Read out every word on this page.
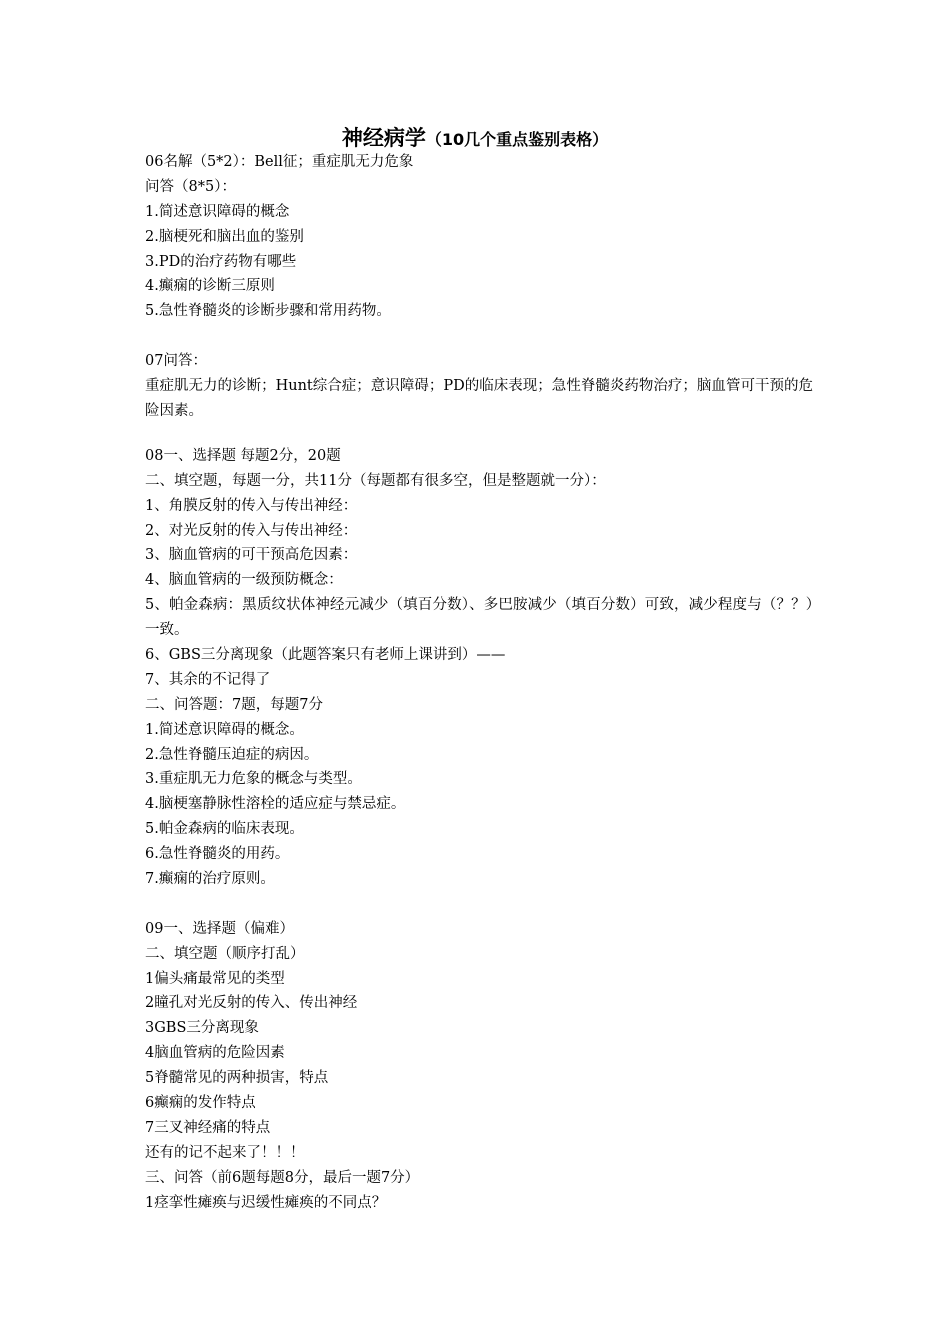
神经病学（10几个重点鉴别表格）
06名解（5*2）：Bell征；重症肌无力危象
问答（8*5）：
1.简述意识障碍的概念
2.脑梗死和脑出血的鉴别
3.PD的治疗药物有哪些
4.癫痫的诊断三原则
5.急性脊髓炎的诊断步骤和常用药物。
07问答：
重症肌无力的诊断；Hunt综合症；意识障碍；PD的临床表现；急性脊髓炎药物治疗；脑血管可干预的危险因素。
08一、选择题 每题2分，20题
二、填空题，每题一分，共11分（每题都有很多空，但是整题就一分）：
1、角膜反射的传入与传出神经：
2、对光反射的传入与传出神经：
3、脑血管病的可干预高危因素：
4、脑血管病的一级预防概念：
5、帕金森病：黑质纹状体神经元减少（填百分数）、多巴胺减少（填百分数）可致，减少程度与（？？）一致。
6、GBS三分离现象（此题答案只有老师上课讲到）——
7、其余的不记得了
二、问答题：7题，每题7分
1.简述意识障碍的概念。
2.急性脊髓压迫症的病因。
3.重症肌无力危象的概念与类型。
4.脑梗塞静脉性溶栓的适应症与禁忌症。
5.帕金森病的临床表现。
6.急性脊髓炎的用药。
7.癫痫的治疗原则。
09一、选择题（偏难）
二、填空题（顺序打乱）
1偏头痛最常见的类型
2瞳孔对光反射的传入、传出神经
3GBS三分离现象
4脑血管病的危险因素
5脊髓常见的两种损害，特点
6癫痫的发作特点
7三叉神经痛的特点
还有的记不起来了！！！
三、问答（前6题每题8分，最后一题7分）
1痉挛性瘫痪与迟缓性瘫痪的不同点？
